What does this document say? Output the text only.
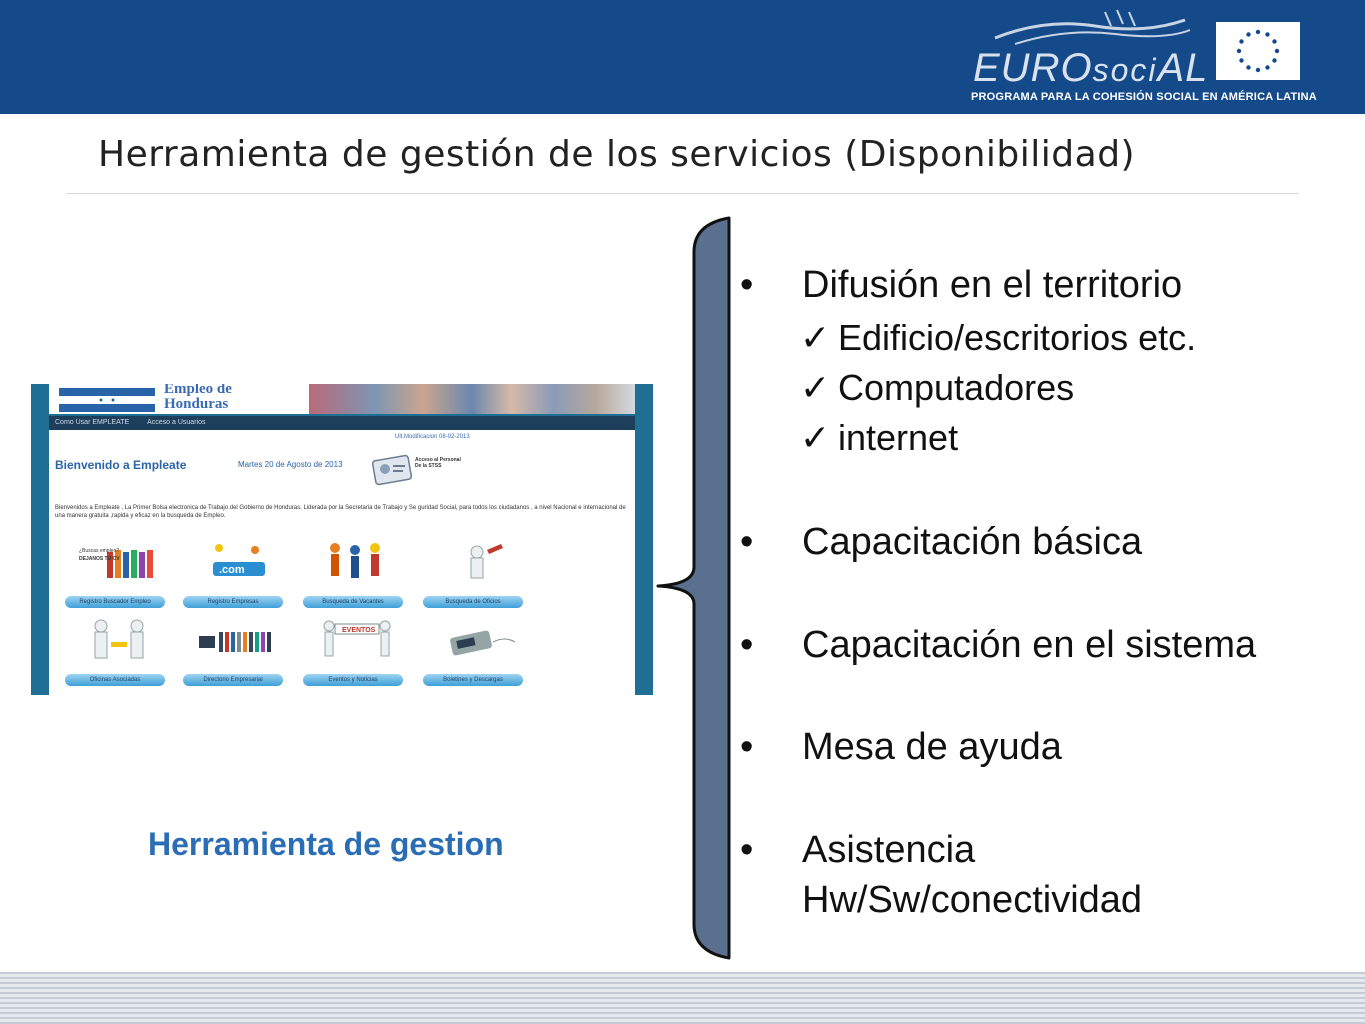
EUROsociAL
PROGRAMA PARA LA COHESIÓN SOCIAL EN AMÉRICA LATINA
Herramienta de gestión de los servicios (Disponibilidad)
Empleo de
Honduras
Como Usar EMPLEATE	Acceso a Usuarios
Ult.Modificacion 08-02-2013
Bienvenido a Empleate	Martes 20 de Agosto de 2013	Acceso al Personal
De la STSS
Bienvenidos a Empleate , La Primer Bolsa electronica de Trabajo del Gobierno de Honduras, Liderada por la Secretaria de Trabajo y Se guridad Social, para todos los ciudadanos , a nivel Nacional e internacional de una manera gratuita ,rapida y eficaz en la busqueda de Empleo.
¿Buscas empleo?
DEJANOS TU CV
Registro Buscador Empleo
.com
Registro Empresas	Busqueda de Vacantes	Busqueda de Oficios
Oficinas Asociadas	Directorio Empresarial
EVENTOS
Eventos y Noticias	Boletines y Descargas
Herramienta de gestion
• Difusión en el territorio
✓ Edificio/escritorios etc.
✓ Computadores
✓ internet
• Capacitación básica
• Capacitación en el sistema
• Mesa de ayuda
• Asistencia
Hw/Sw/conectividad
